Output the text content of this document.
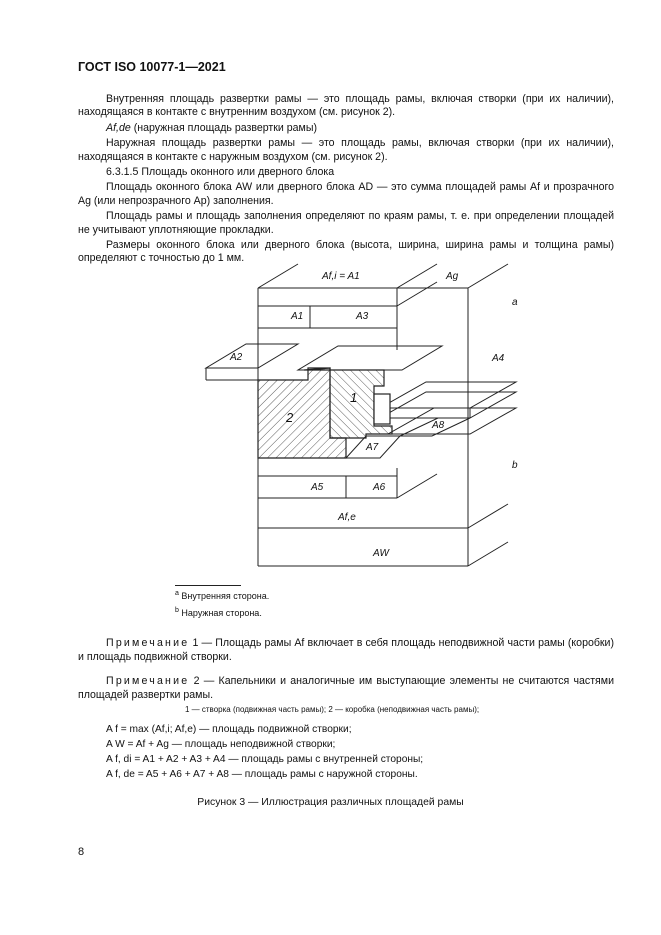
ГОСТ ISO 10077-1—2021

Внутренняя площадь развертки рамы — это площадь рамы, включая створки (при их наличии), находящаяся в контакте с внутренним воздухом (см. рисунок 2).

Af,de (наружная площадь развертки рамы)

Наружная площадь развертки рамы — это площадь рамы, включая створки (при их наличии), находящаяся в контакте с наружным воздухом (см. рисунок 2).

6.3.1.5 Площадь оконного или дверного блока

Площадь оконного блока AW или дверного блока AD — это сумма площадей рамы Af и прозрачного Ag (или непрозрачного Ap) заполнения.

Площадь рамы и площадь заполнения определяют по краям рамы, т. е. при определении площадей не учитывают уплотняющие прокладки.

Размеры оконного блока или дверного блока (высота, ширина, ширина рамы и толщина рамы) определяют с точностью до 1 мм.

Af,i = A1	Ag
A1	A3
A2	A4
A8
A7
A5	A6
Af,e
AW
1
2
a
b
$^а$ Внутренняя сторона.
$^b$ Наружная сторона.

Примечание 1 — Площадь рамы Af включает в себя площадь неподвижной части рамы (коробки) и площадь подвижной створки.

Примечание 2 — Капельники и аналогичные им выступающие элементы не считаются частями площадей развертки рамы.

1 — створка (подвижная часть рамы); 2 — коробка (неподвижная часть рамы);
A f = max (Af,i; Af,e) — площадь подвижной створки;
A W = Af + Ag — площадь неподвижной створки;
A f, di = A1 + A2 + A3 + A4 — площадь рамы с внутренней стороны;
A f, de = A5 + A6 + A7 + A8 — площадь рамы с наружной стороны.
Рисунок 3 — Иллюстрация различных площадей рамы
8
